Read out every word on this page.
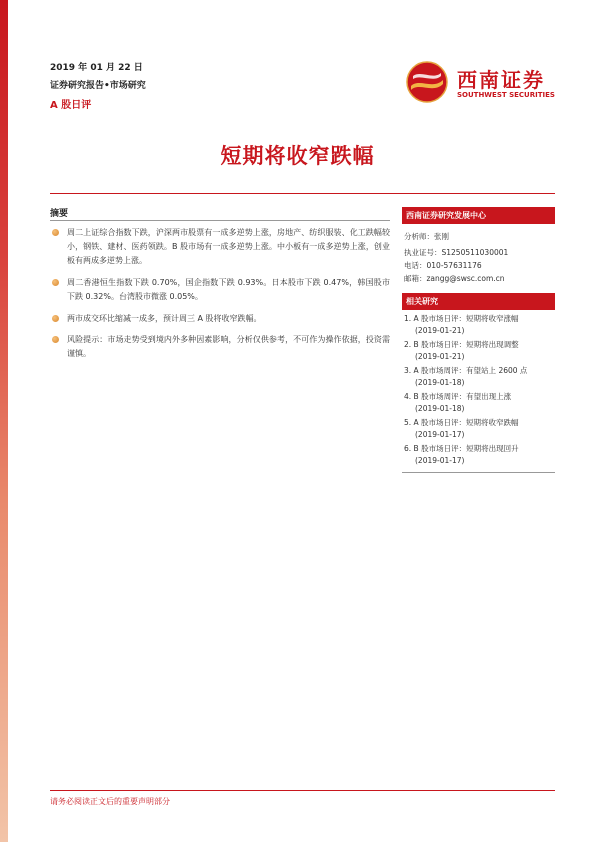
2019 年 01 月 22 日
证券研究报告•市场研究
A 股日评
西南证券
SOUTHWEST SECURITIES
短期将收窄跌幅
摘要
周二上证综合指数下跌，沪深两市股票有一成多逆势上涨，房地产、纺织服装、化工跌幅较小，钢铁、建材、医药领跌。B 股市场有一成多逆势上涨。中小板有一成多逆势上涨，创业板有两成多逆势上涨。
周二香港恒生指数下跌 0.70%，国企指数下跌 0.93%。日本股市下跌 0.47%，韩国股市下跌 0.32%。台湾股市微涨 0.05%。
两市成交环比缩减一成多，预计周三 A 股将收窄跌幅。
风险提示：市场走势受到境内外多种因素影响，分析仅供参考，不可作为操作依据，投资需谨慎。
西南证券研究发展中心
分析师：张刚
执业证号：S1250511030001
电话：010-57631176
邮箱：zangg@swsc.com.cn
相关研究
1. A 股市场日评：短期将收窄涨幅
(2019-01-21)
2. B 股市场日评：短期将出现调整
(2019-01-21)
3. A 股市场周评：有望站上 2600 点
(2019-01-18)
4. B 股市场周评：有望出现上涨
(2019-01-18)
5. A 股市场日评：短期将收窄跌幅
(2019-01-17)
6. B 股市场日评：短期将出现回升
(2019-01-17)
请务必阅读正文后的重要声明部分
